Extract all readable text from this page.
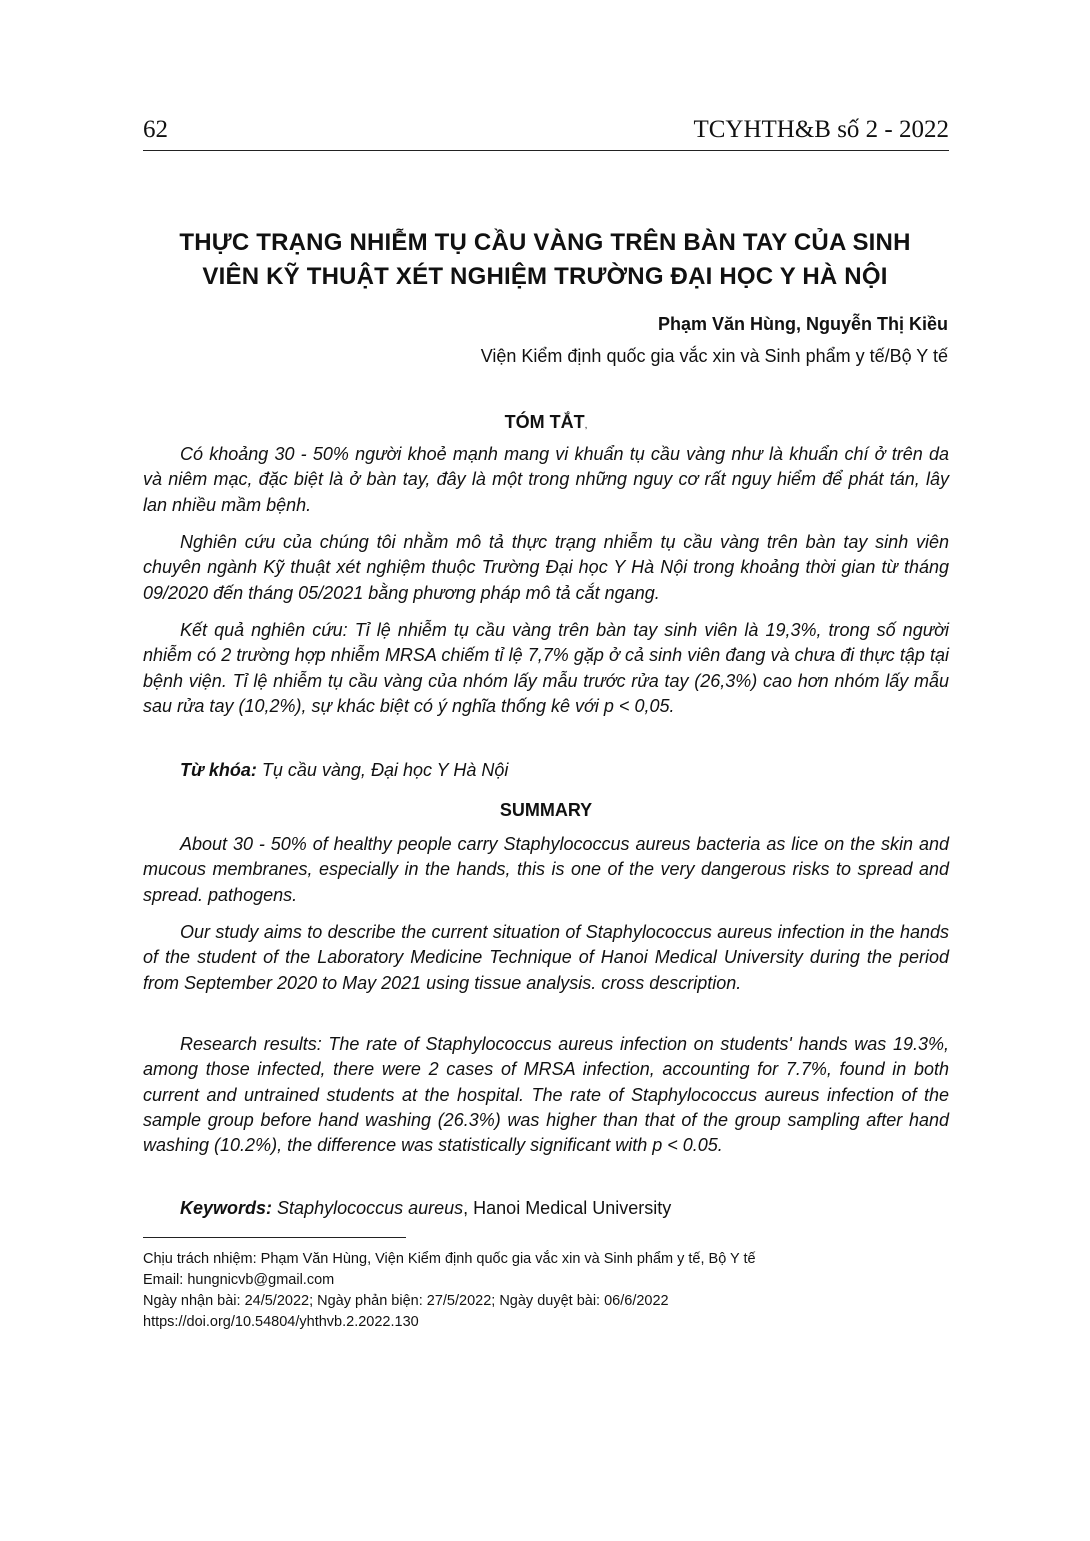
62	TCYHTH&B số 2 - 2022
THỰC TRẠNG NHIỄM TỤ CẦU VÀNG TRÊN BÀN TAY CỦA SINH
VIÊN KỸ THUẬT XÉT NGHIỆM TRƯỜNG ĐẠI HỌC Y HÀ NỘI
Phạm Văn Hùng, Nguyễn Thị Kiều
Viện Kiểm định quốc gia vắc xin và Sinh phẩm y tế/Bộ Y tế
TÓM TẮT,

Có khoảng 30 - 50% người khoẻ mạnh mang vi khuẩn tụ cầu vàng như là khuẩn chí ở trên da và niêm mạc, đặc biệt là ở bàn tay, đây là một trong những nguy cơ rất nguy hiểm để phát tán, lây lan nhiều mầm bệnh.

Nghiên cứu của chúng tôi nhằm mô tả thực trạng nhiễm tụ cầu vàng trên bàn tay sinh viên chuyên ngành Kỹ thuật xét nghiệm thuộc Trường Đại học Y Hà Nội trong khoảng thời gian từ tháng 09/2020 đến tháng 05/2021 bằng phương pháp mô tả cắt ngang.

Kết quả nghiên cứu: Tỉ lệ nhiễm tụ cầu vàng trên bàn tay sinh viên là 19,3%, trong số người nhiễm có 2 trường hợp nhiễm MRSA chiếm tỉ lệ 7,7% gặp ở cả sinh viên đang và chưa đi thực tập tại bệnh viện. Tỉ lệ nhiễm tụ cầu vàng của nhóm lấy mẫu trước rửa tay (26,3%) cao hơn nhóm lấy mẫu sau rửa tay (10,2%), sự khác biệt có ý nghĩa thống kê với p < 0,05.

Từ khóa: Tụ cầu vàng, Đại học Y Hà Nội

SUMMARY

About 30 - 50% of healthy people carry Staphylococcus aureus bacteria as lice on the skin and mucous membranes, especially in the hands, this is one of the very dangerous risks to spread and spread. pathogens.

Our study aims to describe the current situation of Staphylococcus aureus infection in the hands of the student of the Laboratory Medicine Technique of Hanoi Medical University during the period from September 2020 to May 2021 using tissue analysis. cross description.

Research results: The rate of Staphylococcus aureus infection on students' hands was 19.3%, among those infected, there were 2 cases of MRSA infection, accounting for 7.7%, found in both current and untrained students at the hospital. The rate of Staphylococcus aureus infection of the sample group before hand washing (26.3%) was higher than that of the group sampling after hand washing (10.2%), the difference was statistically significant with p < 0.05.

Keywords: Staphylococcus aureus, Hanoi Medical University

Chịu trách nhiệm: Phạm Văn Hùng, Viện Kiểm định quốc gia vắc xin và Sinh phẩm y tế, Bộ Y tế
Email: hungnicvb@gmail.com
Ngày nhận bài: 24/5/2022; Ngày phản biện: 27/5/2022; Ngày duyệt bài: 06/6/2022
https://doi.org/10.54804/yhthvb.2.2022.130
